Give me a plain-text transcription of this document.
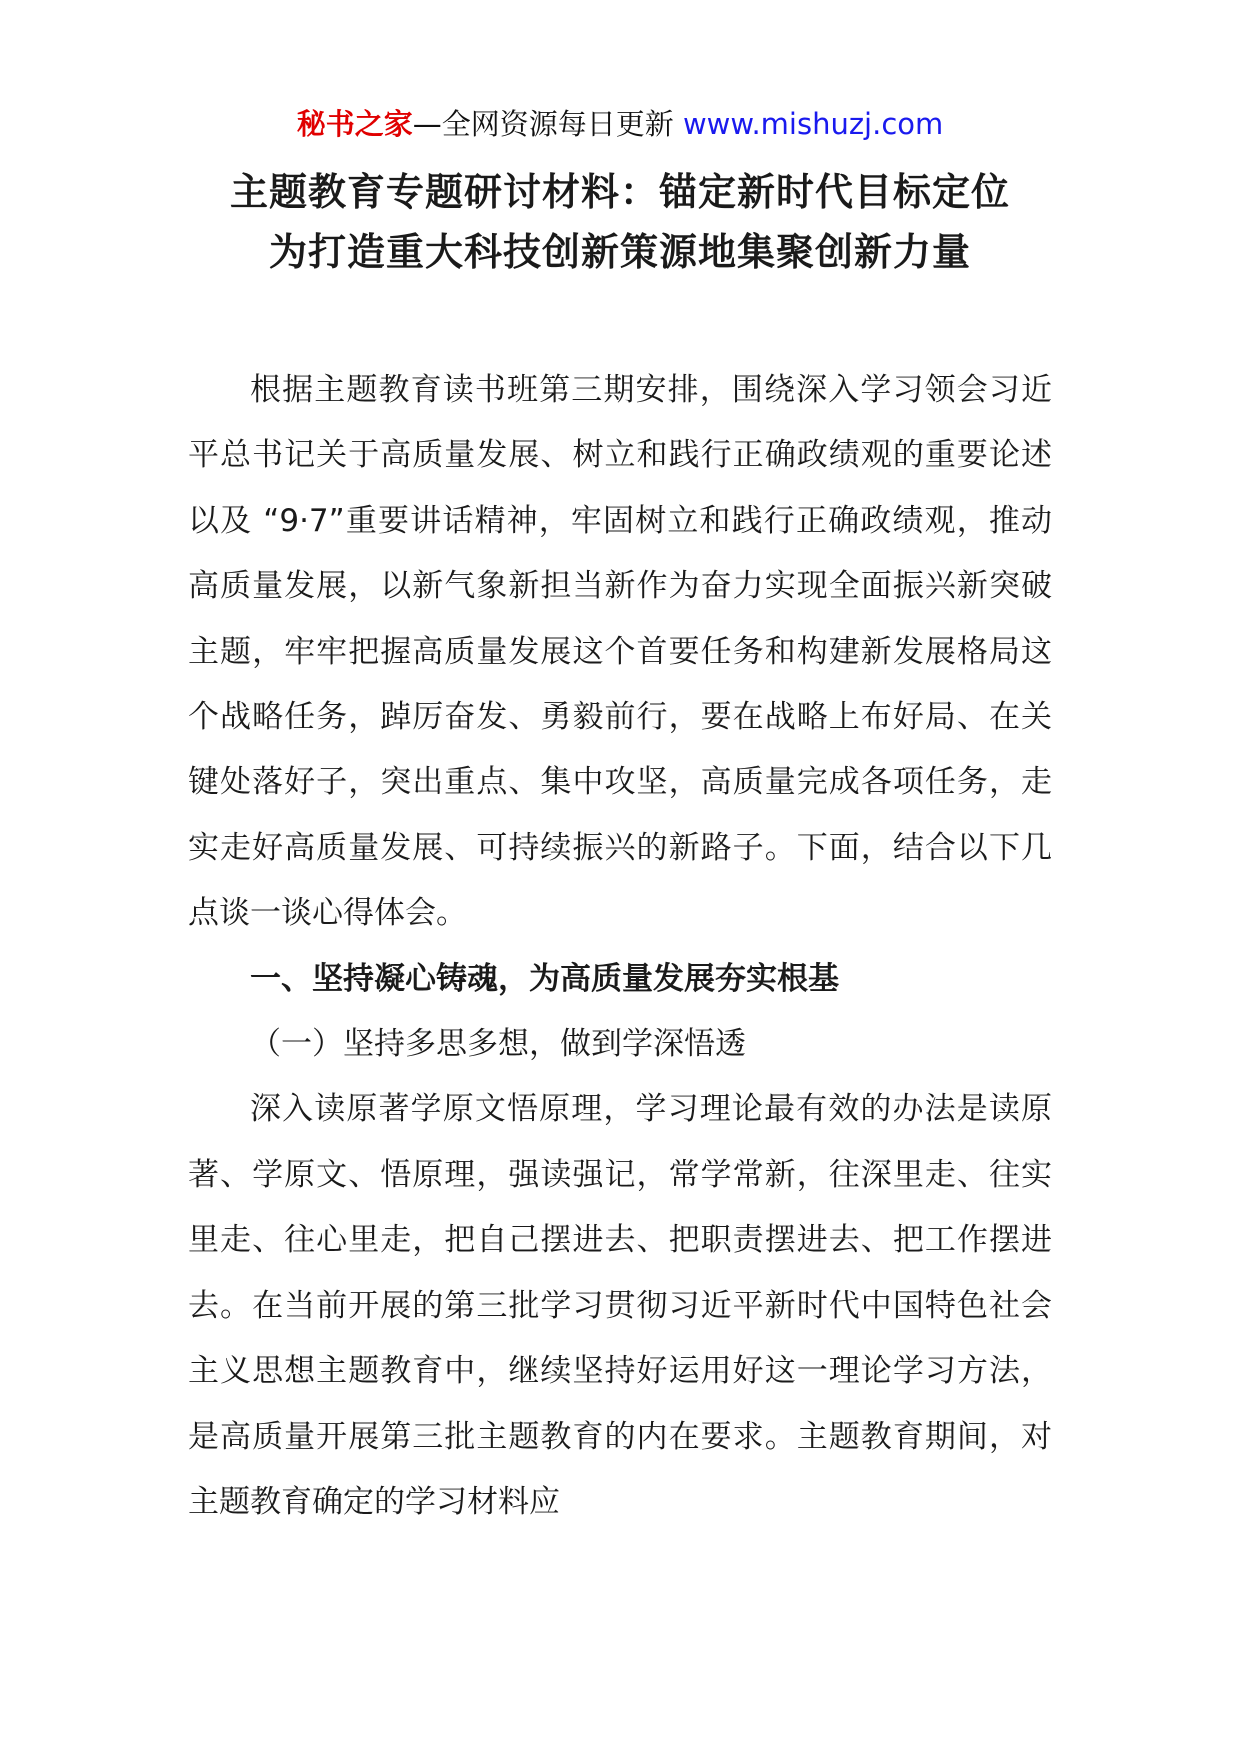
秘书之家—全网资源每日更新 www.mishuzj.com
主题教育专题研讨材料：锚定新时代目标定位
为打造重大科技创新策源地集聚创新力量

根据主题教育读书班第三期安排，围绕深入学习领会习近平总书记关于高质量发展、树立和践行正确政绩观的重要论述以及 “9·7”重要讲话精神，牢固树立和践行正确政绩观，推动高质量发展，以新气象新担当新作为奋力实现全面振兴新突破主题，牢牢把握高质量发展这个首要任务和构建新发展格局这个战略任务，踔厉奋发、勇毅前行，要在战略上布好局、在关键处落好子，突出重点、集中攻坚，高质量完成各项任务，走实走好高质量发展、可持续振兴的新路子。下面，结合以下几点谈一谈心得体会。

一、坚持凝心铸魂，为高质量发展夯实根基

（一）坚持多思多想，做到学深悟透

深入读原著学原文悟原理，学习理论最有效的办法是读原著、学原文、悟原理，强读强记，常学常新，往深里走、往实里走、往心里走，把自己摆进去、把职责摆进去、把工作摆进去。在当前开展的第三批学习贯彻习近平新时代中国特色社会主义思想主题教育中，继续坚持好运用好这一理论学习方法，是高质量开展第三批主题教育的内在要求。主题教育期间，对主题教育确定的学习材料应
